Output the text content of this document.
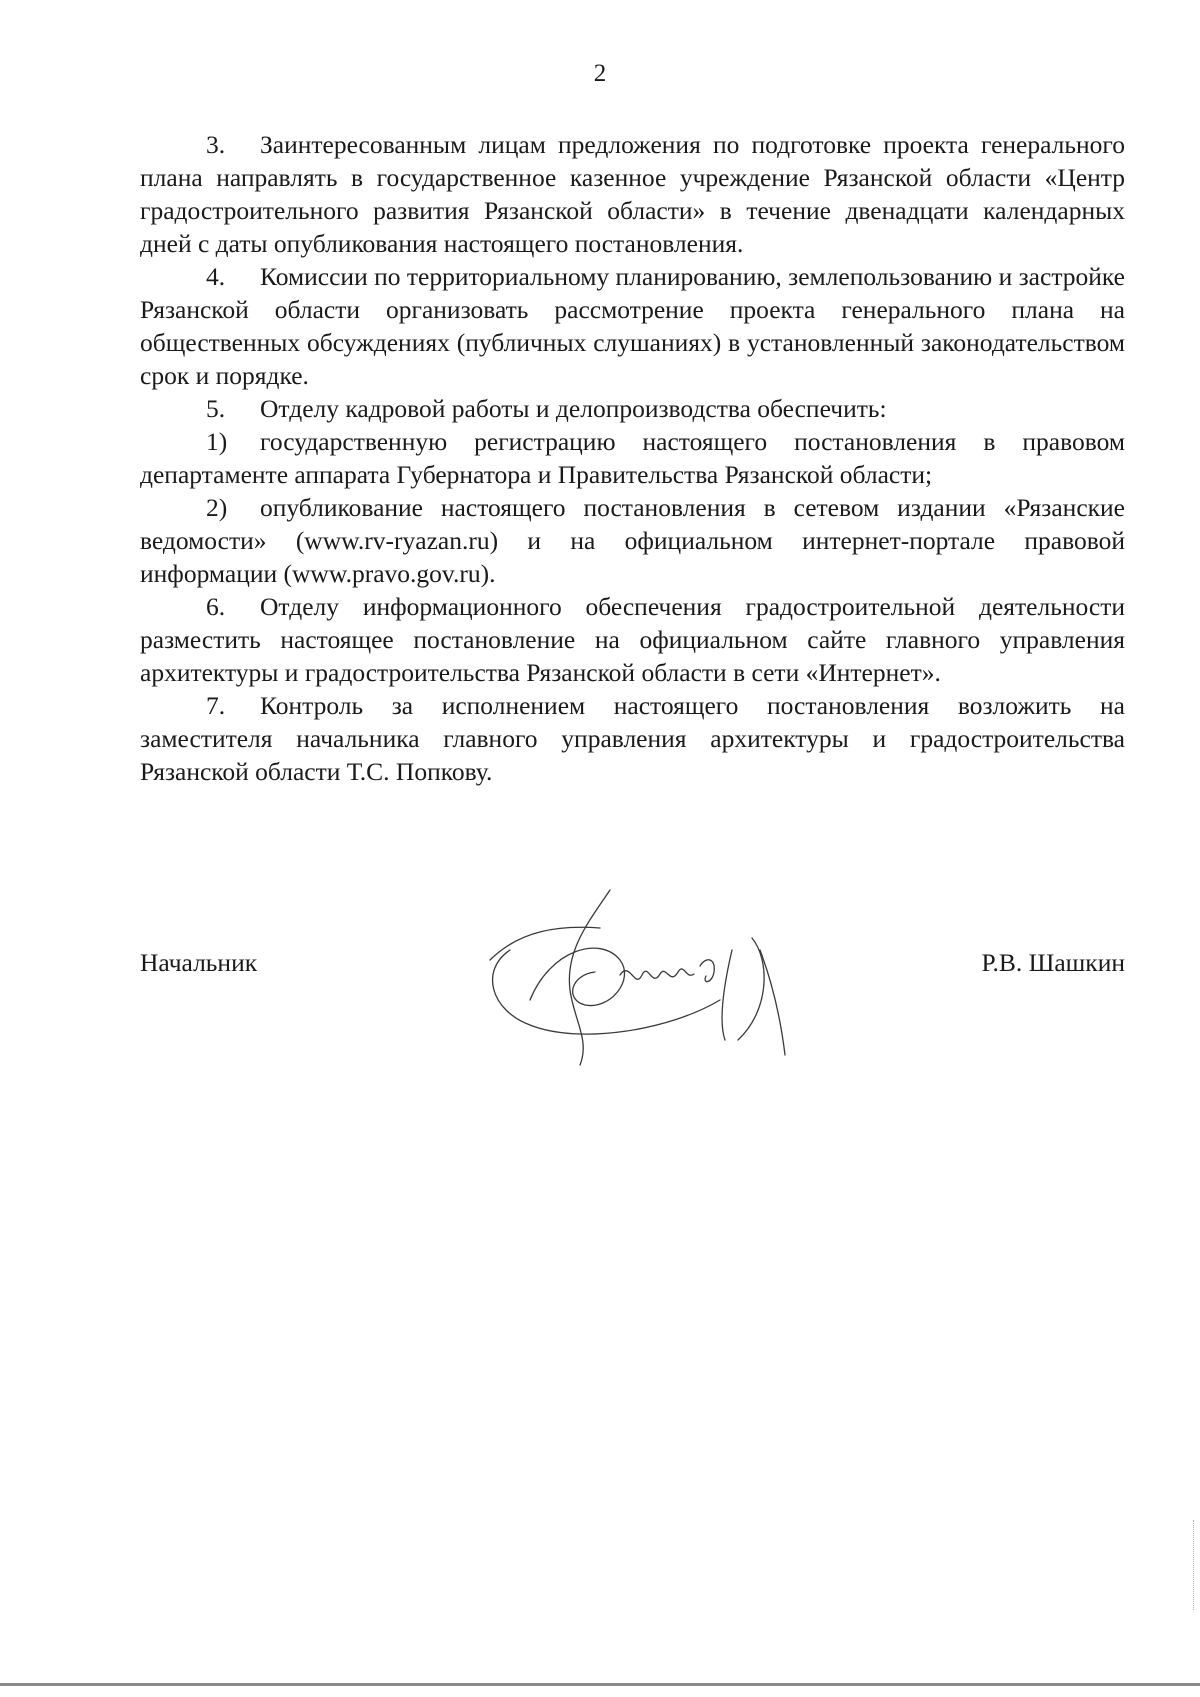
2

3. Заинтересованным лицам предложения по подготовке проекта генерального плана направлять в государственное казенное учреждение Рязанской области «Центр градостроительного развития Рязанской области» в течение двенадцати календарных дней с даты опубликования настоящего постановления.

4. Комиссии по территориальному планированию, землепользованию и застройке Рязанской области организовать рассмотрение проекта генерального плана на общественных обсуждениях (публичных слушаниях) в установленный законодательством срок и порядке.

5. Отделу кадровой работы и делопроизводства обеспечить:

1) государственную регистрацию настоящего постановления в правовом департаменте аппарата Губернатора и Правительства Рязанской области;

2) опубликование настоящего постановления в сетевом издании «Рязанские ведомости» (www.rv-ryazan.ru) и на официальном интернет-портале правовой информации (www.pravo.gov.ru).

6. Отделу информационного обеспечения градостроительной деятельности разместить настоящее постановление на официальном сайте главного управления архитектуры и градостроительства Рязанской области в сети «Интернет».

7. Контроль за исполнением настоящего постановления возложить на заместителя начальника главного управления архитектуры и градостроительства Рязанской области Т.С. Попкову.

Начальник	Р.В. Шашкин
